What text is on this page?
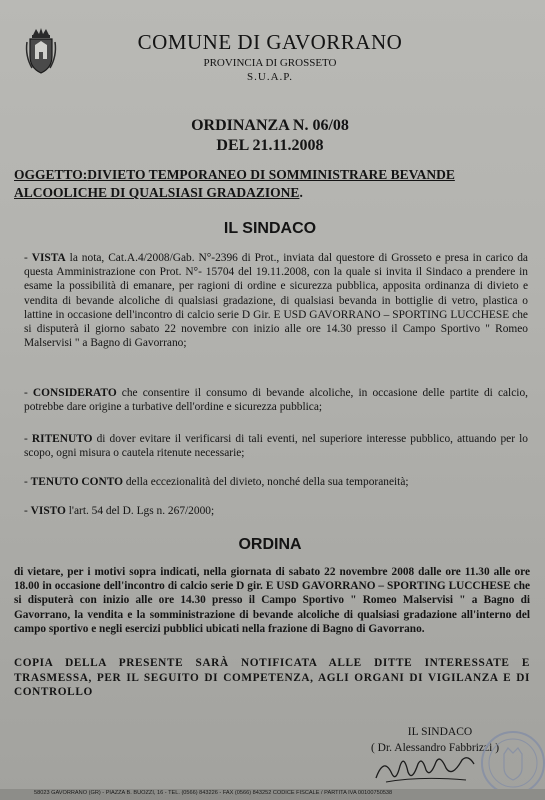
COMUNE DI GAVORRANO
PROVINCIA DI GROSSETO
S.U.A.P.
ORDINANZA N. 06/08
DEL 21.11.2008
OGGETTO:DIVIETO TEMPORANEO DI SOMMINISTRARE BEVANDE
ALCOOLICHE DI QUALSIASI GRADAZIONE.
IL SINDACO
- VISTA la nota, Cat.A.4/2008/Gab. N°-2396 di Prot., inviata dal questore di Grosseto e presa in carico da questa Amministrazione con Prot. N°- 15704 del 19.11.2008, con la quale si invita il Sindaco a prendere in esame la possibilità di emanare, per ragioni di ordine e sicurezza pubblica, apposita ordinanza di divieto e vendita di bevande alcoliche di qualsiasi gradazione, di qualsiasi bevanda in bottiglie di vetro, plastica o lattine in occasione dell'incontro di calcio serie D Gir. E USD GAVORRANO – SPORTING LUCCHESE che si disputerà il giorno sabato 22 novembre con inizio alle ore 14.30 presso il Campo Sportivo " Romeo Malservisi " a Bagno di Gavorrano;
- CONSIDERATO che consentire il consumo di bevande alcoliche, in occasione delle partite di calcio, potrebbe dare origine a turbative dell'ordine e sicurezza pubblica;
- RITENUTO di dover evitare il verificarsi di tali eventi, nel superiore interesse pubblico, attuando per lo scopo, ogni misura o cautela ritenute necessarie;
- TENUTO CONTO della eccezionalità del divieto, nonché della sua temporaneità;
- VISTO l'art. 54 del D. Lgs n. 267/2000;
ORDINA
di vietare, per i motivi sopra indicati, nella giornata di sabato 22 novembre 2008 dalle ore 11.30 alle ore 18.00 in occasione dell'incontro di calcio serie D gir. E USD GAVORRANO – SPORTING LUCCHESE che si disputerà con inizio alle ore 14.30 presso il Campo Sportivo " Romeo Malservisi " a Bagno di Gavorrano, la vendita e la somministrazione di bevande alcoliche di qualsiasi gradazione all'interno del campo sportivo e negli esercizi pubblici ubicati nella frazione di Bagno di Gavorrano.
COPIA DELLA PRESENTE SARÀ NOTIFICATA ALLE DITTE INTERESSATE E TRASMESSA, PER IL SEGUITO DI COMPETENZA, AGLI ORGANI DI VIGILANZA E DI CONTROLLO
IL SINDACO
( Dr. Alessandro Fabbrizzi )
58023 GAVORRANO (GR) - PIAZZA B. BUOZZI, 16 - TEL. (0566) 843226 - FAX (0566) 843252 CODICE FISCALE / PARTITA IVA 00100750538
